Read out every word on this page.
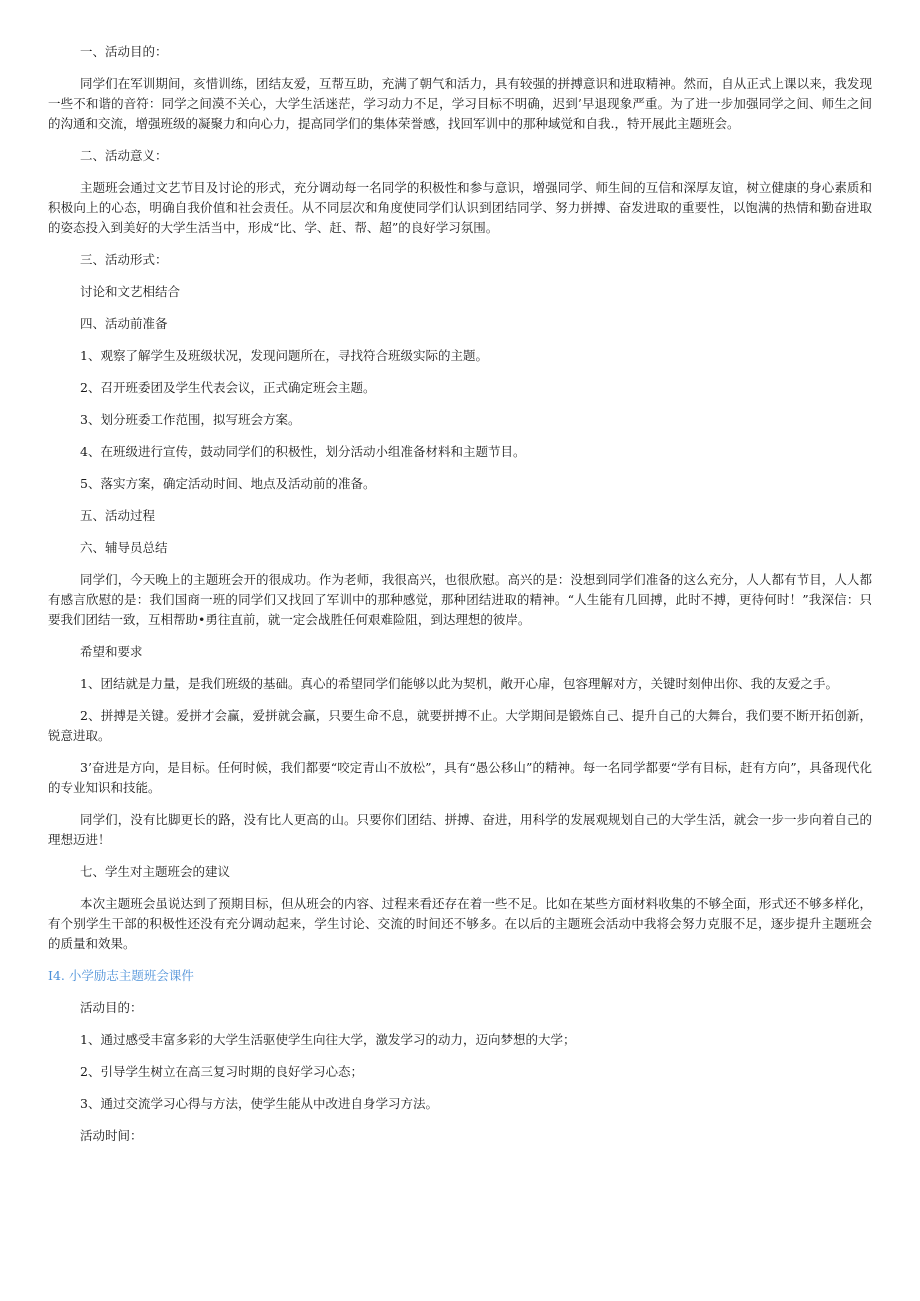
一、活动目的：

同学们在军训期间，亥惜训练，团结友爱，互帮互助，充满了朝气和活力，具有较强的拼搏意识和进取精神。然而，自从正式上课以来，我发现一些不和谐的音符：同学之间漠不关心，大学生活迷茫，学习动力不足，学习目标不明确，迟到’早退现象严重。为了进一步加强同学之间、师生之间的沟通和交流，增强班级的凝聚力和向心力，提高同学们的集体荣誉感，找回军训中的那种域觉和自我.，特开展此主题班会。

二、活动意义：

主题班会通过文艺节目及讨论的形式，充分调动每一名同学的积极性和参与意识，增强同学、师生间的互信和深厚友谊，树立健康的身心素质和积极向上的心态，明确自我价值和社会责任。从不同层次和角度使同学们认识到团结同学、努力拼搏、奋发进取的重要性，以饱满的热情和勤奋进取的姿态投入到美好的大学生活当中，形成“比、学、赶、帮、超”的良好学习氛围。

三、活动形式：

讨论和文艺相结合

四、活动前准备

1、观察了解学生及班级状况，发现问题所在，寻找符合班级实际的主题。

2、召开班委团及学生代表会议，正式确定班会主题。

3、划分班委工作范围，拟写班会方案。

4、在班级进行宣传，鼓动同学们的积极性，划分活动小组准备材料和主题节目。

5、落实方案，确定活动时间、地点及活动前的准备。

五、活动过程

六、辅导员总结

同学们，今天晚上的主题班会开的很成功。作为老师，我很高兴，也很欣慰。高兴的是：没想到同学们准备的这么充分，人人都有节目，人人都有感言欣慰的是：我们国商一班的同学们又找回了军训中的那种感觉，那种团结进取的精神。“人生能有几回搏，此时不搏，更待何时！”我深信：只要我们团结一致，互相帮助•勇往直前，就一定会战胜任何艰难险阻，到达理想的彼岸。

希望和要求

1、团结就是力量，是我们班级的基础。真心的希望同学们能够以此为契机，敞开心扉，包容理解对方，关键时刻伸出你、我的友爱之手。

2、拼搏是关键。爱拼才会赢，爱拼就会赢，只要生命不息，就要拼搏不止。大学期间是锻炼自己、提升自己的大舞台，我们要不断开拓创新，锐意进取。

3’奋进是方向，是目标。任何时候，我们都要“咬定青山不放松”，具有“愚公移山”的精神。每一名同学都要“学有目标，赶有方向”，具备现代化的专业知识和技能。

同学们，没有比脚更长的路，没有比人更高的山。只要你们团结、拼搏、奋进，用科学的发展观规划自己的大学生活，就会一步一步向着自己的理想迈进！

七、学生对主题班会的建议

本次主题班会虽说达到了预期目标，但从班会的内容、过程来看还存在着一些不足。比如在某些方面材料收集的不够全面，形式还不够多样化，有个别学生干部的积极性还没有充分调动起来，学生讨论、交流的时间还不够多。在以后的主题班会活动中我将会努力克服不足，逐步提升主题班会的质量和效果。

I4. 小学励志主题班会课件

活动目的：

1、通过感受丰富多彩的大学生活驱使学生向往大学，激发学习的动力，迈向梦想的大学；

2、引导学生树立在高三复习时期的良好学习心态；

3、通过交流学习心得与方法，使学生能从中改进自身学习方法。

活动时间：
